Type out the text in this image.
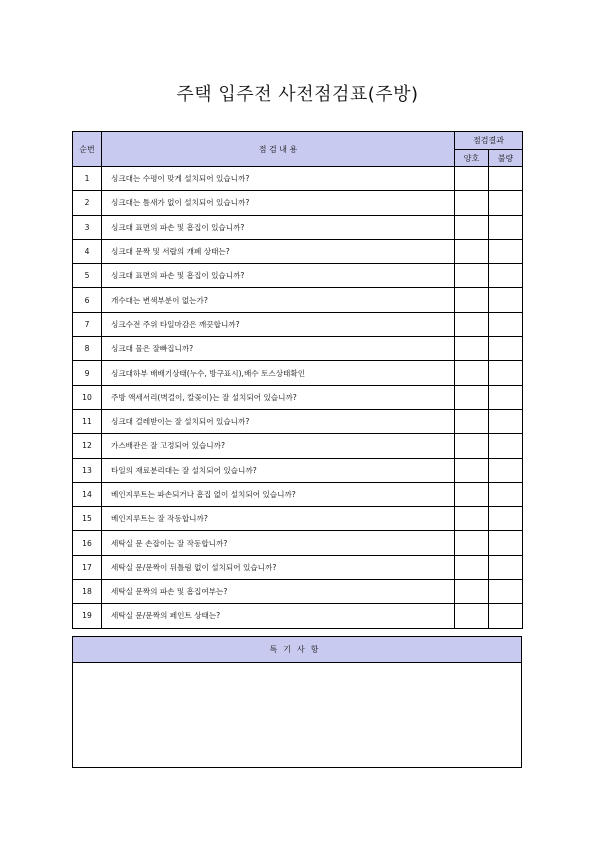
주택 입주전 사전점검표(주방)
순번	점 검 내 용	점검결과	
		양호	불량
1	싱크대는 수평이 맞게 설치되어 있습니까?		
2	싱크대는 틈새가 없이 설치되어 있습니까?		
3	싱크대 표면의 파손 및 흠집이 있습니까?		
4	싱크대 문짝 및 서랍의 개폐 상태는?		
5	싱크대 표면의 파손 및 흠집이 있습니까?		
6	개수대는 변색부분이 없는가?		
7	싱크수전 주위 타일마감은 깨끗합니까?		
8	싱크대 물은 잘빠집니까?		
9	싱크대하부 배배기상태(누수, 방구표시),배수 토스상태확인		
10	주방 액세서리(벽걸이, 칼꽂이)는 잘 설치되어 있습니까?		
11	싱크대 걸레받이는 잘 설치되어 있습니까?		
12	가스배관은 잘 고정되어 있습니까?		
13	타일의 재료분리대는 잘 설치되어 있습니까?		
14	베인지루트는 파손되거나 흠집 없이 설치되어 있습니까?		
15	베인지루트는 잘 작동합니까?		
16	세탁실 문 손잡이는 잘 작동합니까?		
17	세탁실 문/문짝이 뒤틀림 없이 설치되어 있습니까?		
18	세탁실 문짝의 파손 및 흠집여부는?		
19	세탁실 문/문짝의 페인트 상태는?		
특기사항
